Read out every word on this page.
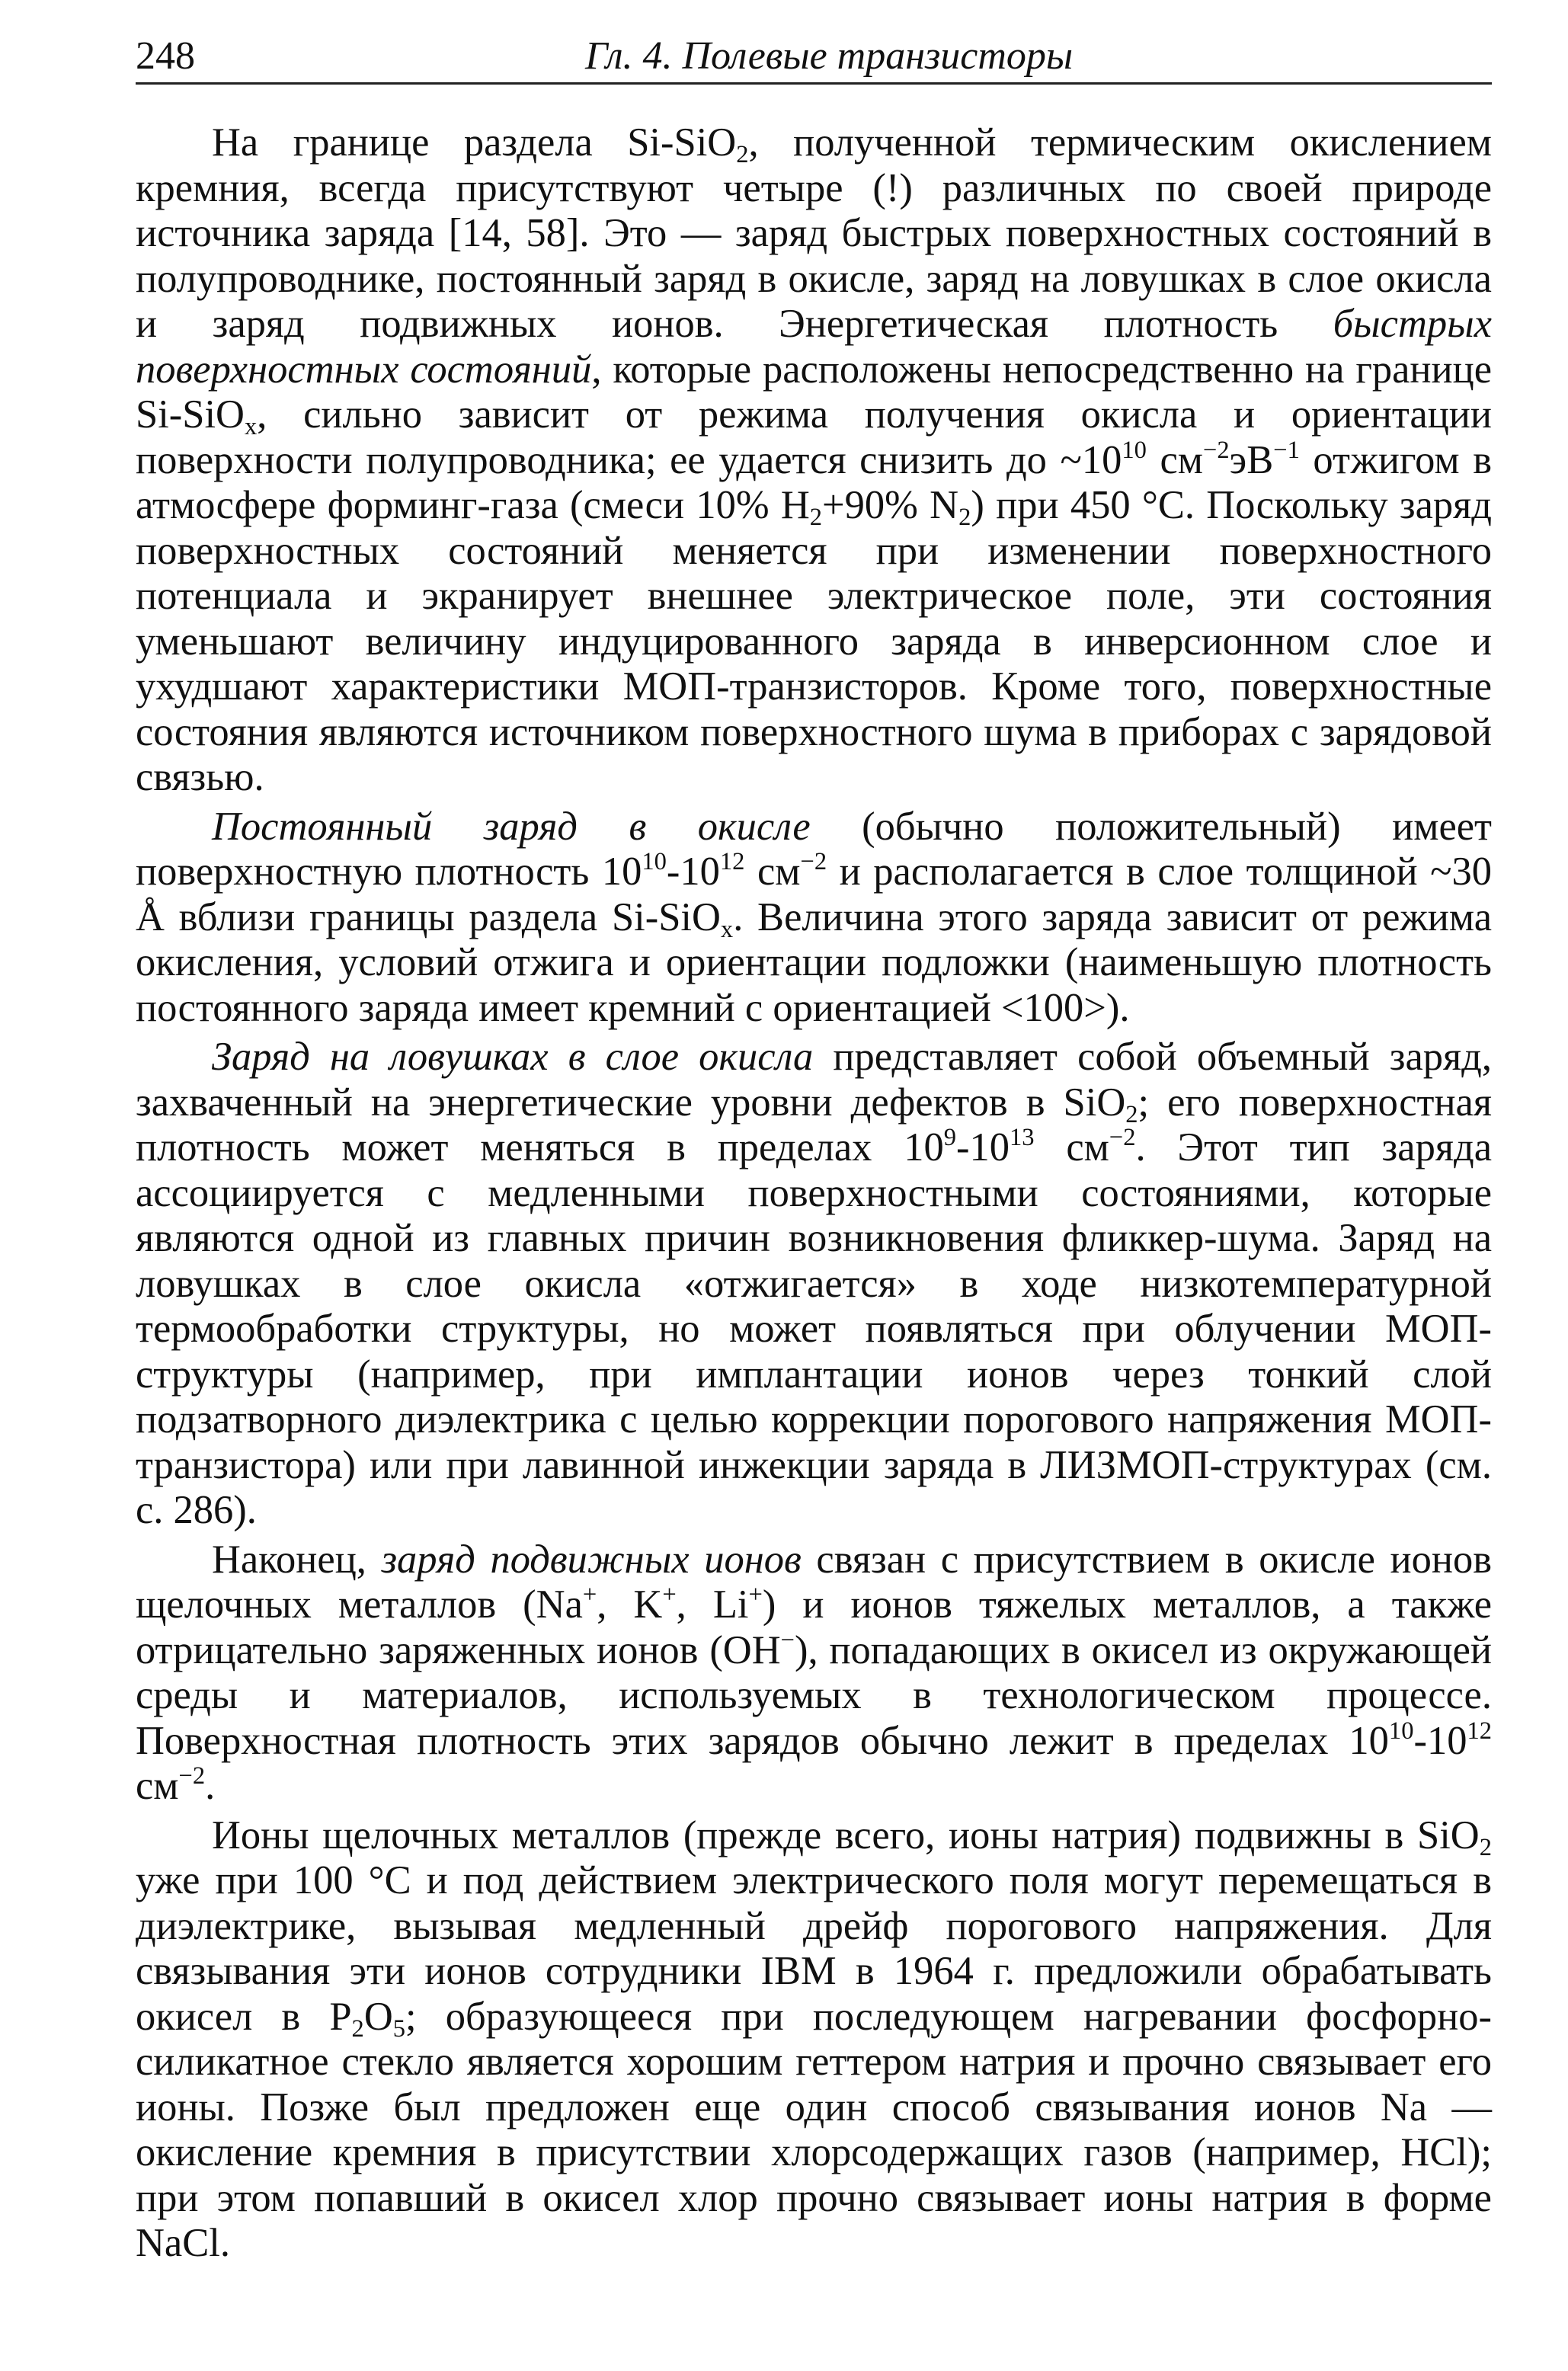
248	Гл. 4. Полевые транзисторы

На границе раздела Si-SiO$_2$, полученной термическим окислением кремния, всегда присутствуют четыре (!) различных по своей природе источника заряда [14, 58]. Это — заряд быстрых поверхностных состояний в полупроводнике, постоянный заряд в окисле, заряд на ловушках в слое окисла и заряд подвижных ионов. Энергетическая плотность быстрых поверхностных состояний, которые расположены непосредственно на границе Si-SiO$_x$, сильно зависит от режима получения окисла и ориентации поверхности полупроводника; ее удается снизить до $\sim 10^{10}$ $см^{-2}эВ^{-1}$ отжигом в атмосфере форминг-газа (смеси 10% $H_2+90\%$ $N_2$) при 450 °C. Поскольку заряд поверхностных состояний меняется при изменении поверхностного потенциала и экранирует внешнее электрическое поле, эти состояния уменьшают величину индуцированного заряда в инверсионном слое и ухудшают характеристики МОП-транзисторов. Кроме того, поверхностные состояния являются источником поверхностного шума в приборах с зарядовой связью.

Постоянный заряд в окисле (обычно положительный) имеет поверхностную плотность $10^{10}-10^{12}$ $см^{-2}$ и располагается в слое толщиной ~30 Å вблизи границы раздела Si-SiO$_x$. Величина этого заряда зависит от режима окисления, условий отжига и ориентации подложки (наименьшую плотность постоянного заряда имеет кремний с ориентацией <100>).

Заряд на ловушках в слое окисла представляет собой объемный заряд, захваченный на энергетические уровни дефектов в SiO$_2$; его поверхностная плотность может меняться в пределах $10^9-10^{13}$ $см^{-2}$. Этот тип заряда ассоциируется с медленными поверхностными состояниями, которые являются одной из главных причин возникновения фликкер-шума. Заряд на ловушках в слое окисла «отжигается» в ходе низкотемпературной термообработки структуры, но может появляться при облучении МОП-структуры (например, при имплантации ионов через тонкий слой подзатворного диэлектрика с целью коррекции порогового напряжения МОП-транзистора) или при лавинной инжекции заряда в ЛИЗМОП-структурах (см. с. 286).

Наконец, заряд подвижных ионов связан с присутствием в окисле ионов щелочных металлов (Na+, K+, Li+) и ионов тяжелых металлов, а также отрицательно заряженных ионов (OH−), попадающих в окисел из окружающей среды и материалов, используемых в технологическом процессе. Поверхностная плотность этих зарядов обычно лежит в пределах $10^{10}-10^{12}$ $см^{-2}$.

Ионы щелочных металлов (прежде всего, ионы натрия) подвижны в SiO$_2$ уже при 100 °C и под действием электрического поля могут перемещаться в диэлектрике, вызывая медленный дрейф порогового напряжения. Для связывания эти ионов сотрудники IBM в 1964 г. предложили обрабатывать окисел в $P_2O_5$; образующееся при последующем нагревании фосфорно-силикатное стекло является хорошим геттером натрия и прочно связывает его ионы. Позже был предложен еще один способ связывания ионов Na — окисление кремния в присутствии хлорсодержащих газов (например, HCl); при этом попавший в окисел хлор прочно связывает ионы натрия в форме NaCl.
